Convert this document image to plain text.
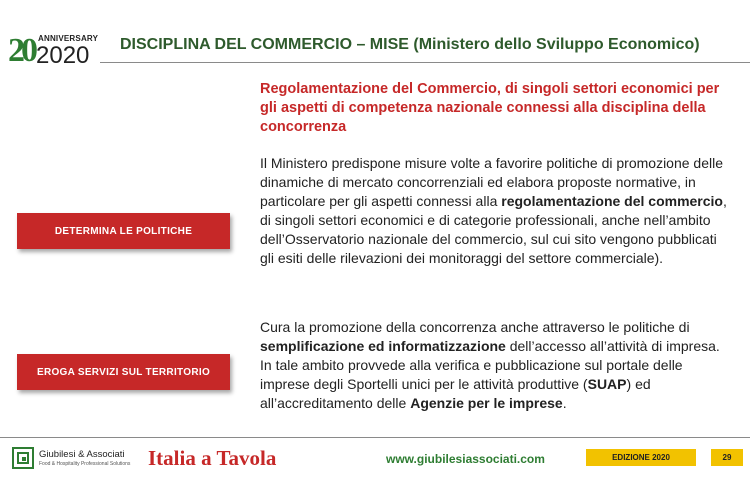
20 ANNIVERSARY
2020 DISCIPLINA DEL COMMERCIO – MISE (Ministero dello Sviluppo Economico)
Regolamentazione del Commercio, di singoli settori economici per gli aspetti di competenza nazionale connessi alla disciplina della concorrenza
Il Ministero predispone misure volte a favorire politiche di promozione delle dinamiche di mercato concorrenziali ed elabora proposte normative, in particolare per gli aspetti connessi alla regolamentazione del commercio, di singoli settori economici e di categorie professionali, anche nell’ambito dell’Osservatorio nazionale del commercio, sul cui sito vengono pubblicati gli esiti delle rilevazioni dei monitoraggi del settore commerciale).
Cura la promozione della concorrenza anche attraverso le politiche di semplificazione ed informatizzazione dell’accesso all’attività di impresa. In tale ambito provvede alla verifica e pubblicazione sul portale delle imprese degli Sportelli unici per le attività produttive (SUAP) ed all’accreditamento delle Agenzie per le imprese.
DETERMINA LE POLITICHE
EROGA SERVIZI SUL TERRITORIO
Giubilesi & Associati
Food & Hospitality Professional Solutions Italia a Tavola	www.giubilesiassociati.com	EDIZIONE 2020	29
